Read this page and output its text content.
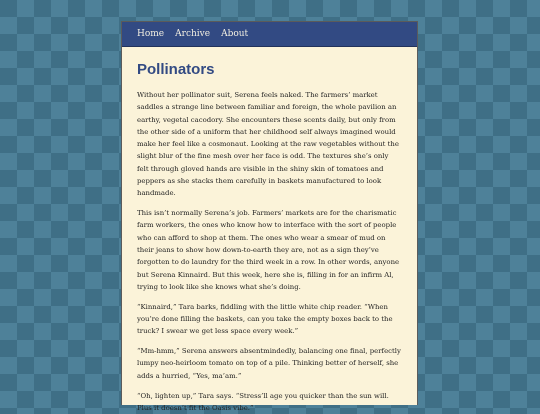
Home Archive About
Pollinators

Without her pollinator suit, Serena feels naked. The farmers’ market saddles a strange line between familiar and foreign, the whole pavilion an earthy, vegetal cacodory. She encounters these scents daily, but only from the other side of a uniform that her childhood self always imagined would make her feel like a cosmonaut. Looking at the raw vegetables without the slight blur of the fine mesh over her face is odd. The textures she’s only felt through gloved hands are visible in the shiny skin of tomatoes and peppers as she stacks them carefully in baskets manufactured to look handmade.

This isn’t normally Serena’s job. Farmers’ markets are for the charismatic farm workers, the ones who know how to interface with the sort of people who can afford to shop at them. The ones who wear a smear of mud on their jeans to show how down-to-earth they are, not as a sign they’ve forgotten to do laundry for the third week in a row. In other words, anyone but Serena Kinnaird. But this week, here she is, filling in for an infirm Al, trying to look like she knows what she’s doing.

“Kinnaird,” Tara barks, fiddling with the little white chip reader. “When you’re done filling the baskets, can you take the empty boxes back to the truck? I swear we get less space every week.”

“Mm-hmm,” Serena answers absentmindedly, balancing one final, perfectly lumpy neo-heirloom tomato on top of a pile. Thinking better of herself, she adds a hurried, “Yes, ma’am.”

“Oh, lighten up,” Tara says. “Stress’ll age you quicker than the sun will. Plus it doesn’t fit the Oasis vibe.”
